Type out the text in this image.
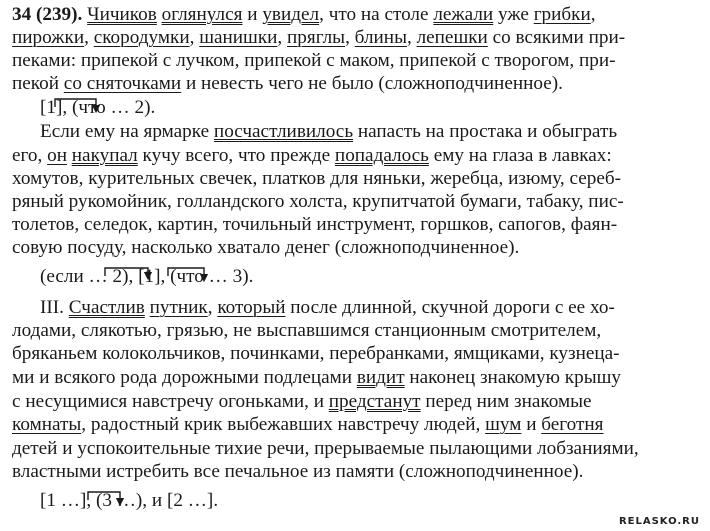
34 (239). Чичиков оглянулся и увидел, что на столе лежали уже грибки,
пирожки, скородумки, шанишки, пряглы, блины, лепешки со всякими при-
пеками: припекой с лучком, припекой с маком, припекой с творогом, при-
пекой со сняточками и невесть чего не было (сложноподчиненное).
[1], (что … 2).
Если ему на ярмарке посчастливилось напасть на простака и обыграть
его, он накупал кучу всего, что прежде попадалось ему на глаза в лавках:
хомутов, курительных свечек, платков для няньки, жеребца, изюму, сереб-
ряный рукомойник, голландского холста, крупитчатой бумаги, табаку, пис-
толетов, селедок, картин, точильный инструмент, горшков, сапогов, фаян-
совую посуду, насколько хватало денег (сложноподчиненное).
(если … 2), [1], (что … 3).
III. Счастлив путник, который после длинной, скучной дороги с ее хо-
лодами, слякотью, грязью, не выспавшимся станционным смотрителем,
бряканьем колокольчиков, починками, перебранками, ямщиками, кузнеца-
ми и всякого рода дорожными подлецами видит наконец знакомую крышу
с несущимися навстречу огоньками, и предстанут перед ним знакомые
комнаты, радостный крик выбежавших навстречу людей, шум и беготня
детей и успокоительные тихие речи, прерываемые пылающими лобзаниями,
властными истребить все печальное из памяти (сложноподчиненное).
[1 …], (3 …), и [2 …].
RELASKO.RU
